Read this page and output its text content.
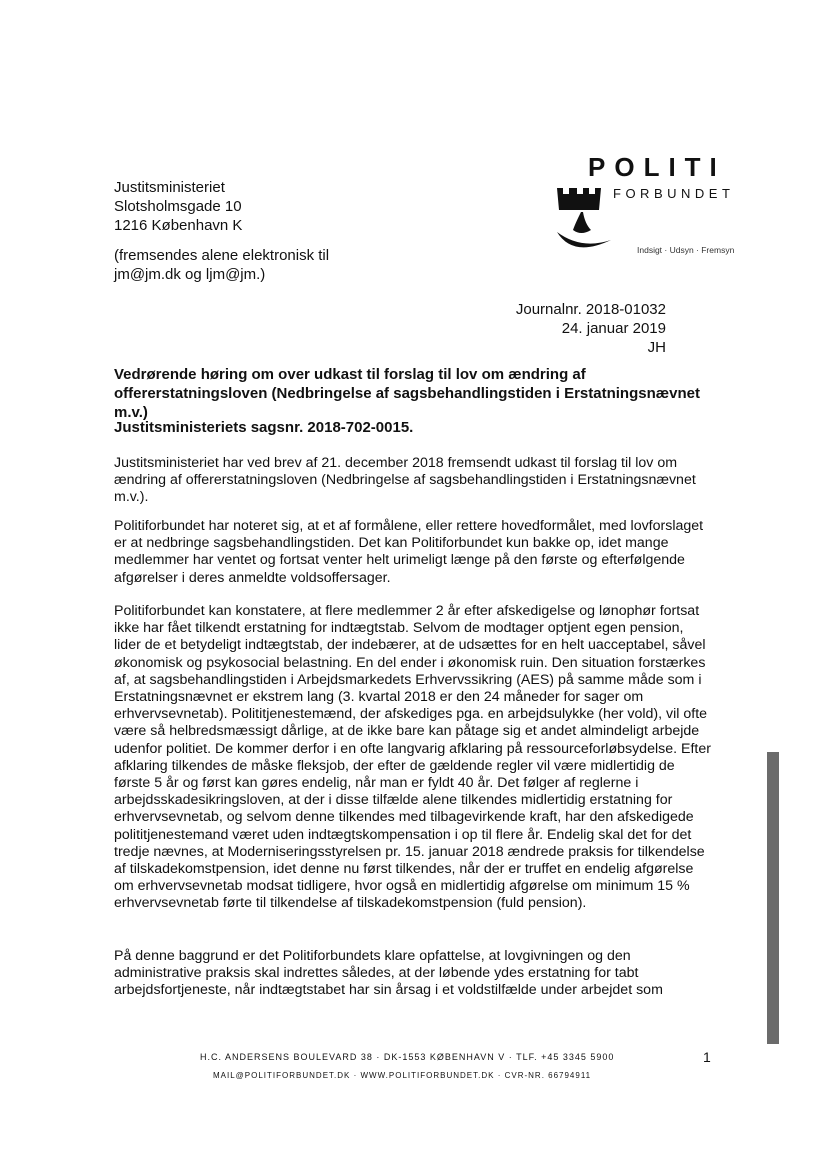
Justitsministeriet
Slotsholmsgade 10
1216 København K
(fremsendes alene elektronisk til
jm@jm.dk og ljm@jm.)
POLITI
FORBUNDET
Indsigt · Udsyn · Fremsyn
Journalnr. 2018-01032
24. januar 2019
JH
Vedrørende høring om over udkast til forslag til lov om ændring af offererstatningsloven (Nedbringelse af sagsbehandlingstiden i Erstatningsnævnet m.v.)
Justitsministeriets sagsnr. 2018-702-0015.
Justitsministeriet har ved brev af 21. december 2018 fremsendt udkast til forslag til lov om ændring af offererstatningsloven (Nedbringelse af sagsbehandlingstiden i Erstatningsnævnet m.v.).
Politiforbundet har noteret sig, at et af formålene, eller rettere hovedformålet, med lovforslaget er at nedbringe sagsbehandlingstiden. Det kan Politiforbundet kun bakke op, idet mange medlemmer har ventet og fortsat venter helt urimeligt længe på den første og efterfølgende afgørelser i deres anmeldte voldsoffersager.
Politiforbundet kan konstatere, at flere medlemmer 2 år efter afskedigelse og lønophør fortsat ikke har fået tilkendt erstatning for indtægtstab. Selvom de modtager optjent egen pension, lider de et betydeligt indtægtstab, der indebærer, at de udsættes for en helt uacceptabel, såvel økonomisk og psykosocial belastning. En del ender i økonomisk ruin. Den situation forstærkes af, at sagsbehandlingstiden i Arbejdsmarkedets Erhvervssikring (AES) på samme måde som i Erstatningsnævnet er ekstrem lang (3. kvartal 2018 er den 24 måneder for sager om erhvervsevnetab). Polititjenestemænd, der afskediges pga. en arbejdsulykke (her vold), vil ofte være så helbredsmæssigt dårlige, at de ikke bare kan påtage sig et andet almindeligt arbejde udenfor politiet. De kommer derfor i en ofte langvarig afklaring på ressourceforløbsydelse. Efter afklaring tilkendes de måske fleksjob, der efter de gældende regler vil være midlertidig de første 5 år og først kan gøres endelig, når man er fyldt 40 år. Det følger af reglerne i arbejdsskadesikringsloven, at der i disse tilfælde alene tilkendes midlertidig erstatning for erhvervsevnetab, og selvom denne tilkendes med tilbagevirkende kraft, har den afskedigede polititjenestemand været uden indtægtskompensation i op til flere år. Endelig skal det for det tredje nævnes, at Moderniseringsstyrelsen pr. 15. januar 2018 ændrede praksis for tilkendelse af tilskadekomstpension, idet denne nu først tilkendes, når der er truffet en endelig afgørelse om erhvervsevnetab modsat tidligere, hvor også en midlertidig afgørelse om minimum 15 % erhvervsevnetab førte til tilkendelse af tilskadekomstpension (fuld pension).
På denne baggrund er det Politiforbundets klare opfattelse, at lovgivningen og den administrative praksis skal indrettes således, at der løbende ydes erstatning for tabt arbejdsfortjeneste, når indtægtstabet har sin årsag i et voldstilfælde under arbejdet som
H.C. ANDERSENS BOULEVARD 38 · DK-1553 KØBENHAVN V · TLF. +45 3345 5900
MAIL@POLITIFORBUNDET.DK · WWW.POLITIFORBUNDET.DK · CVR-NR. 66794911
1
